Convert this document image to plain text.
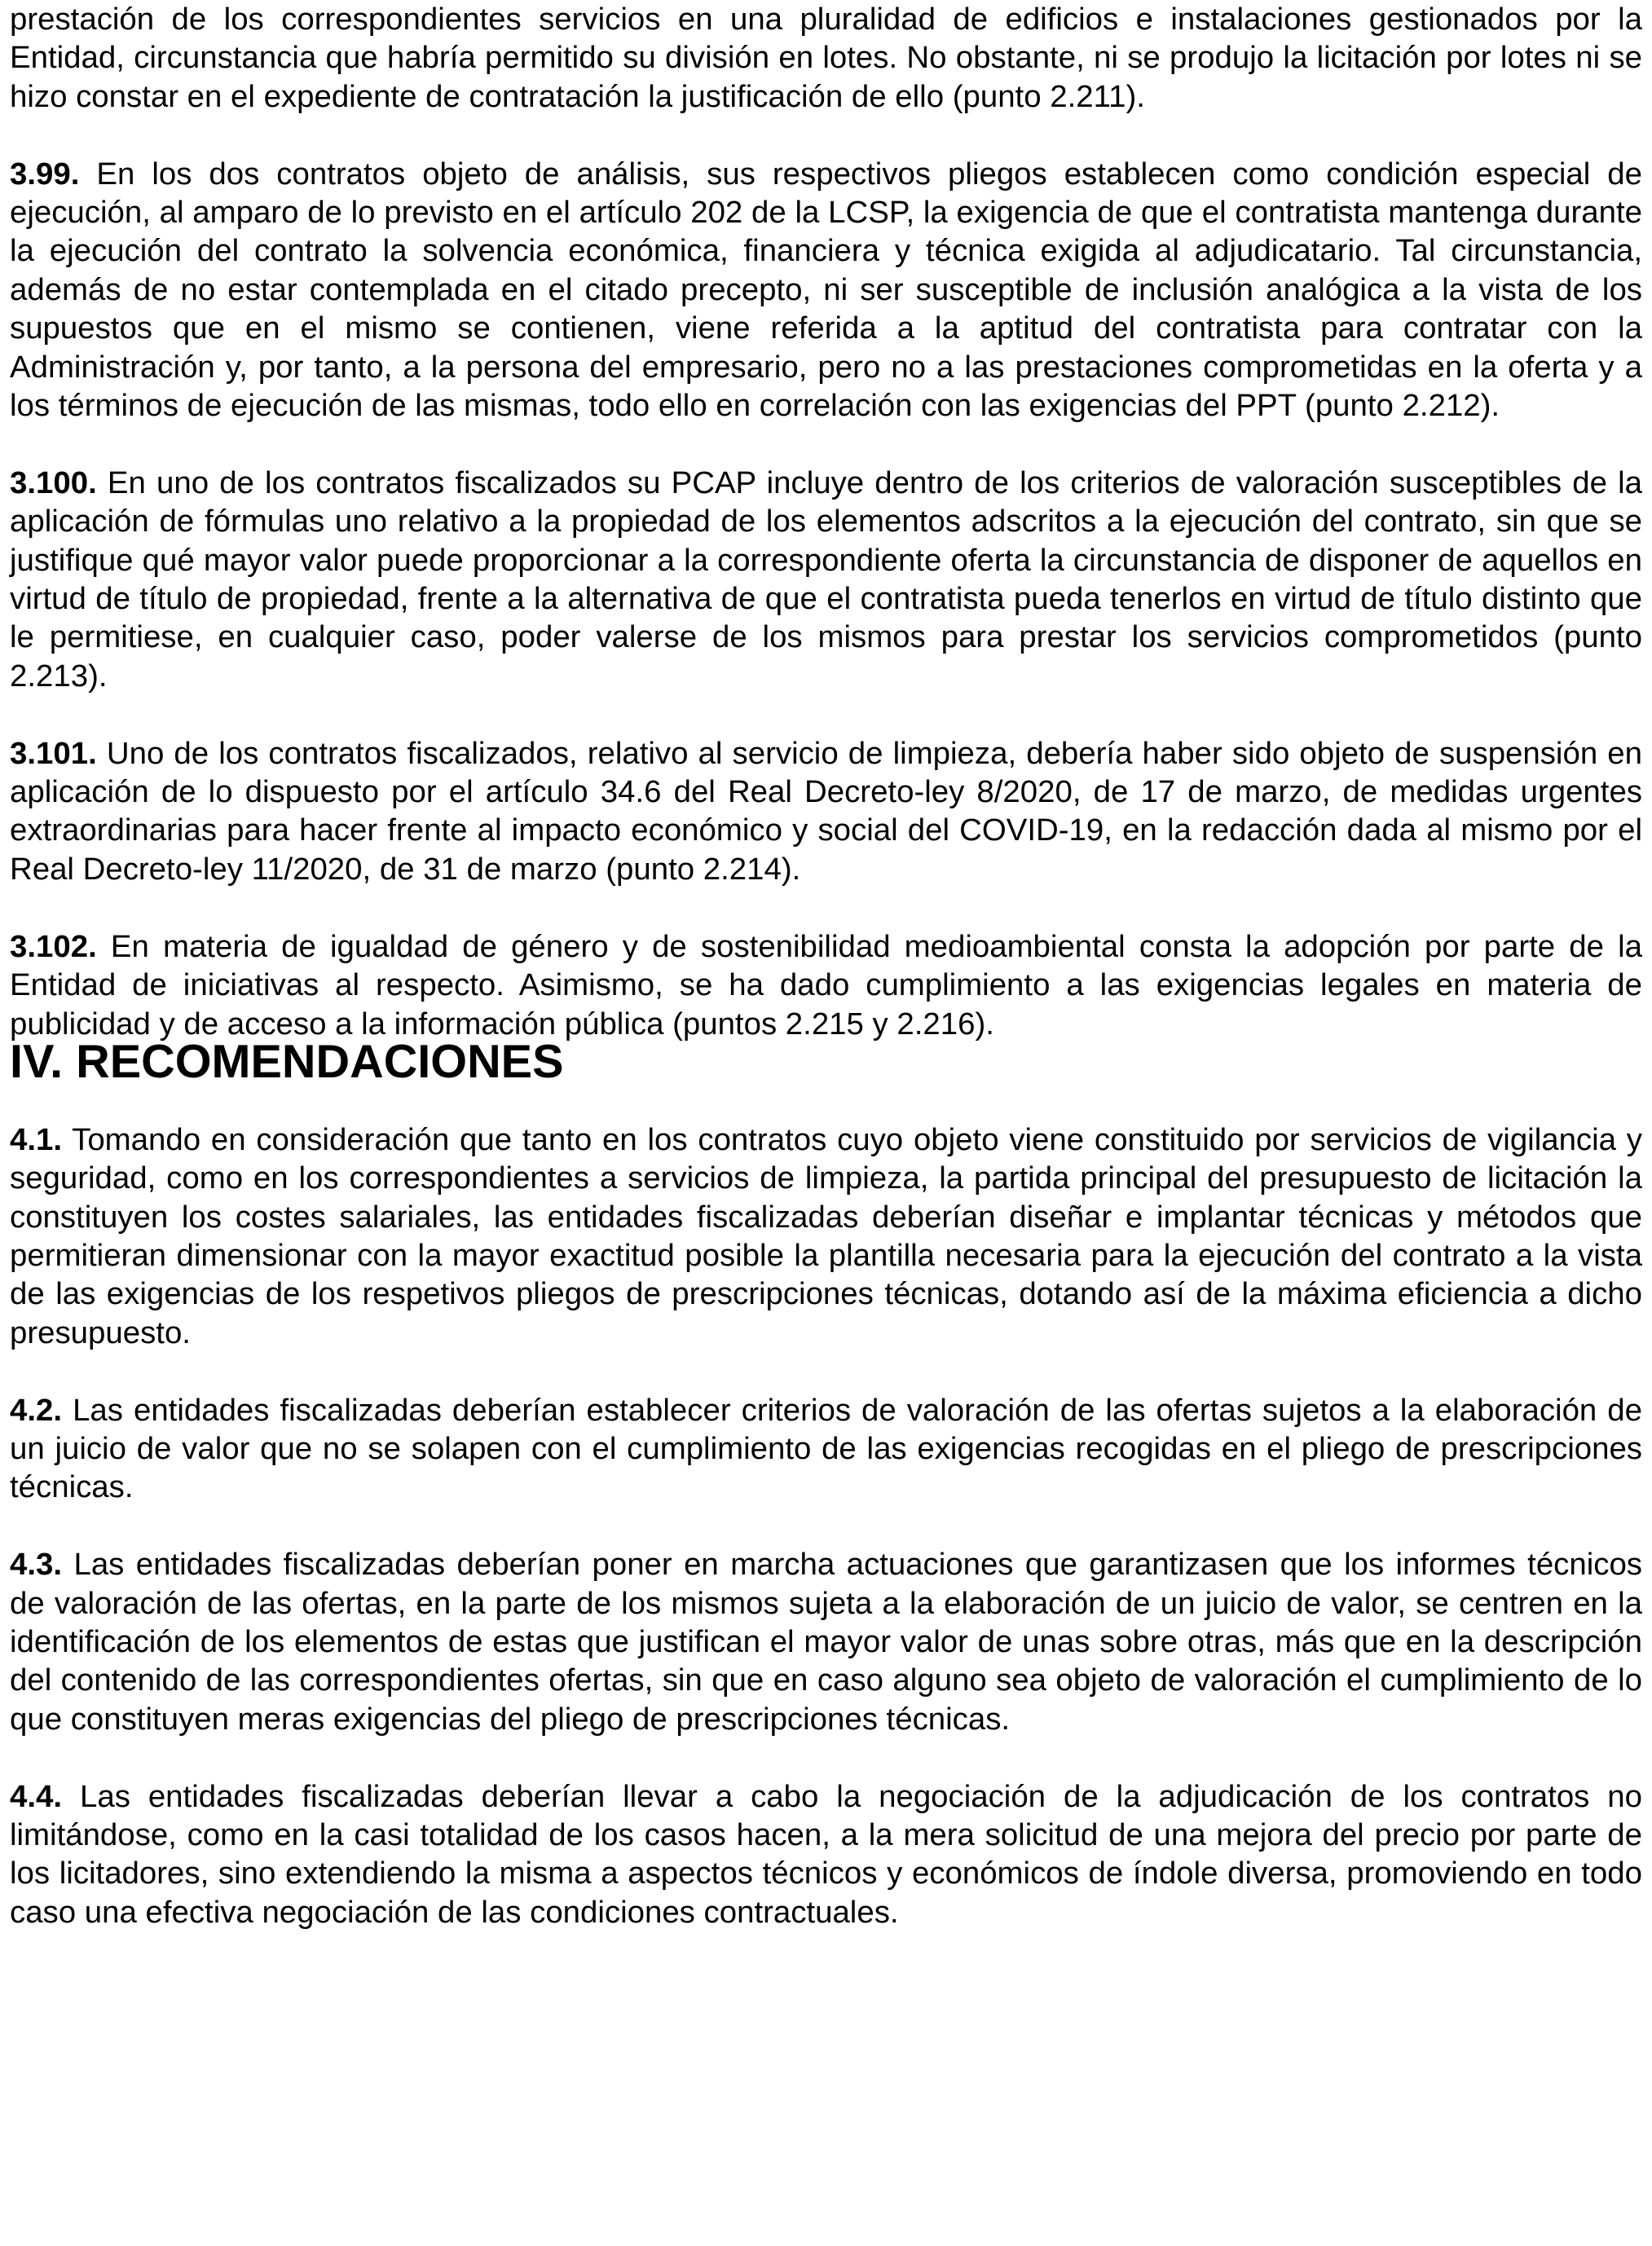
prestación de los correspondientes servicios en una pluralidad de edificios e instalaciones gestionados por la Entidad, circunstancia que habría permitido su división en lotes. No obstante, ni se produjo la licitación por lotes ni se hizo constar en el expediente de contratación la justificación de ello (punto 2.211).

3.99. En los dos contratos objeto de análisis, sus respectivos pliegos establecen como condición especial de ejecución, al amparo de lo previsto en el artículo 202 de la LCSP, la exigencia de que el contratista mantenga durante la ejecución del contrato la solvencia económica, financiera y técnica exigida al adjudicatario. Tal circunstancia, además de no estar contemplada en el citado precepto, ni ser susceptible de inclusión analógica a la vista de los supuestos que en el mismo se contienen, viene referida a la aptitud del contratista para contratar con la Administración y, por tanto, a la persona del empresario, pero no a las prestaciones comprometidas en la oferta y a los términos de ejecución de las mismas, todo ello en correlación con las exigencias del PPT (punto 2.212).

3.100. En uno de los contratos fiscalizados su PCAP incluye dentro de los criterios de valoración susceptibles de la aplicación de fórmulas uno relativo a la propiedad de los elementos adscritos a la ejecución del contrato, sin que se justifique qué mayor valor puede proporcionar a la correspondiente oferta la circunstancia de disponer de aquellos en virtud de título de propiedad, frente a la alternativa de que el contratista pueda tenerlos en virtud de título distinto que le permitiese, en cualquier caso, poder valerse de los mismos para prestar los servicios comprometidos (punto 2.213).

3.101. Uno de los contratos fiscalizados, relativo al servicio de limpieza, debería haber sido objeto de suspensión en aplicación de lo dispuesto por el artículo 34.6 del Real Decreto-ley 8/2020, de 17 de marzo, de medidas urgentes extraordinarias para hacer frente al impacto económico y social del COVID-19, en la redacción dada al mismo por el Real Decreto-ley 11/2020, de 31 de marzo (punto 2.214).

3.102. En materia de igualdad de género y de sostenibilidad medioambiental consta la adopción por parte de la Entidad de iniciativas al respecto. Asimismo, se ha dado cumplimiento a las exigencias legales en materia de publicidad y de acceso a la información pública (puntos 2.215 y 2.216).

IV. RECOMENDACIONES

4.1. Tomando en consideración que tanto en los contratos cuyo objeto viene constituido por servicios de vigilancia y seguridad, como en los correspondientes a servicios de limpieza, la partida principal del presupuesto de licitación la constituyen los costes salariales, las entidades fiscalizadas deberían diseñar e implantar técnicas y métodos que permitieran dimensionar con la mayor exactitud posible la plantilla necesaria para la ejecución del contrato a la vista de las exigencias de los respetivos pliegos de prescripciones técnicas, dotando así de la máxima eficiencia a dicho presupuesto.

4.2. Las entidades fiscalizadas deberían establecer criterios de valoración de las ofertas sujetos a la elaboración de un juicio de valor que no se solapen con el cumplimiento de las exigencias recogidas en el pliego de prescripciones técnicas.

4.3. Las entidades fiscalizadas deberían poner en marcha actuaciones que garantizasen que los informes técnicos de valoración de las ofertas, en la parte de los mismos sujeta a la elaboración de un juicio de valor, se centren en la identificación de los elementos de estas que justifican el mayor valor de unas sobre otras, más que en la descripción del contenido de las correspondientes ofertas, sin que en caso alguno sea objeto de valoración el cumplimiento de lo que constituyen meras exigencias del pliego de prescripciones técnicas.

4.4. Las entidades fiscalizadas deberían llevar a cabo la negociación de la adjudicación de los contratos no limitándose, como en la casi totalidad de los casos hacen, a la mera solicitud de una mejora del precio por parte de los licitadores, sino extendiendo la misma a aspectos técnicos y económicos de índole diversa, promoviendo en todo caso una efectiva negociación de las condiciones contractuales.
